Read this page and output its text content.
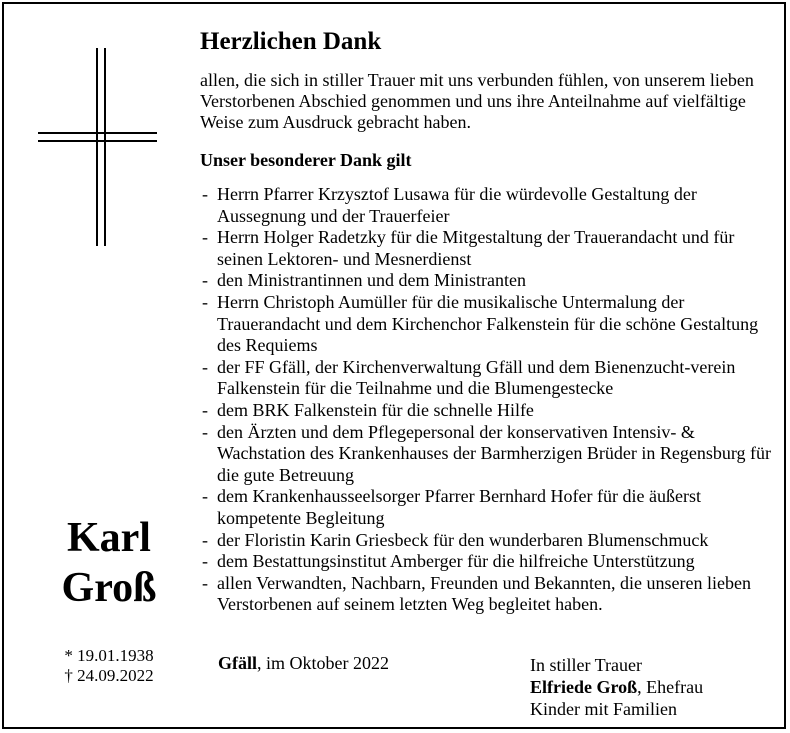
Karl
Groß
* 19.01.1938
† 24.09.2022
Herzlichen Dank
allen, die sich in stiller Trauer mit uns verbunden fühlen, von unserem lieben Verstorbenen Abschied genommen und uns ihre Anteilnahme auf vielfältige Weise zum Ausdruck gebracht haben.
Unser besonderer Dank gilt
- Herrn Pfarrer Krzysztof Lusawa für die würdevolle Gestaltung der Aussegnung und der Trauerfeier
- Herrn Holger Radetzky für die Mitgestaltung der Trauerandacht und für seinen Lektoren- und Mesnerdienst
- den Ministrantinnen und dem Ministranten
- Herrn Christoph Aumüller für die musikalische Untermalung der Trauerandacht und dem Kirchenchor Falkenstein für die schöne Gestaltung des Requiems
- der FF Gfäll, der Kirchenverwaltung Gfäll und dem Bienenzucht-verein Falkenstein für die Teilnahme und die Blumengestecke
- dem BRK Falkenstein für die schnelle Hilfe
- den Ärzten und dem Pflegepersonal der konservativen Intensiv- & Wachstation des Krankenhauses der Barmherzigen Brüder in Regensburg für die gute Betreuung
- dem Krankenhausseelsorger Pfarrer Bernhard Hofer für die äußerst kompetente Begleitung
- der Floristin Karin Griesbeck für den wunderbaren Blumenschmuck
- dem Bestattungsinstitut Amberger für die hilfreiche Unterstützung
- allen Verwandten, Nachbarn, Freunden und Bekannten, die unseren lieben Verstorbenen auf seinem letzten Weg begleitet haben.
Gfäll, im Oktober 2022	In stiller Trauer
Elfriede Groß, Ehefrau
Kinder mit Familien
